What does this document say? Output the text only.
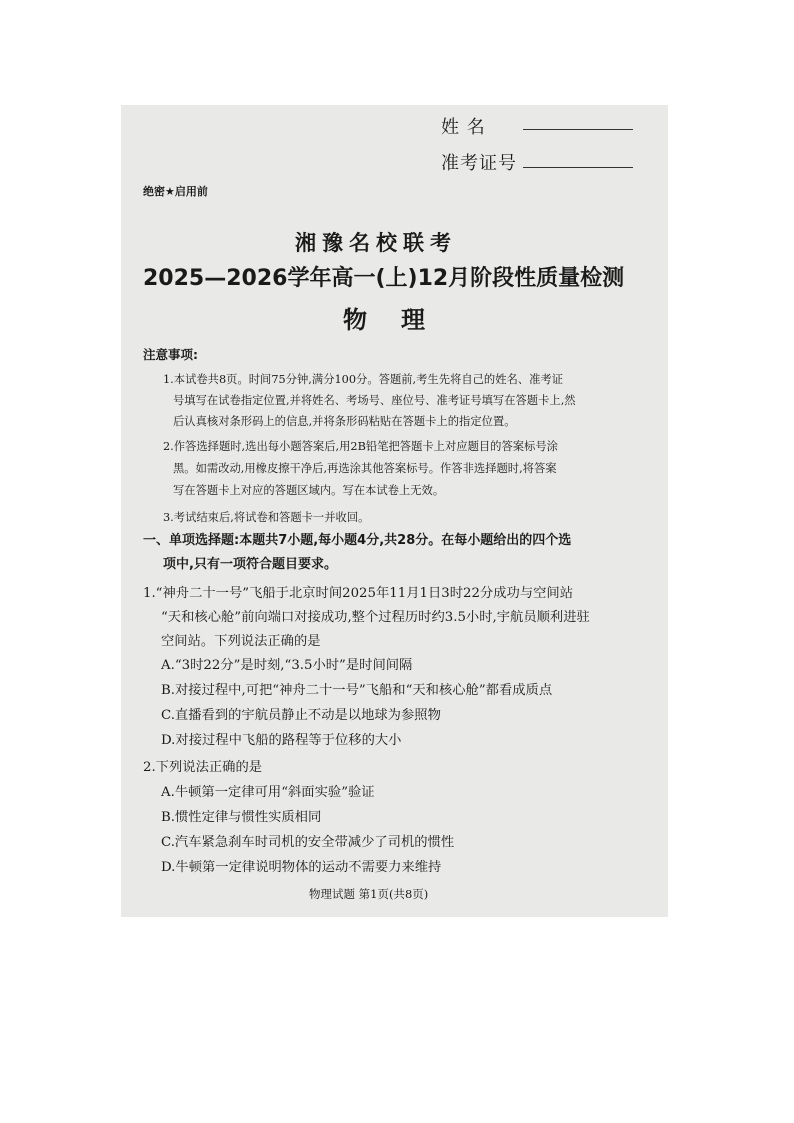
姓 名
准考证号
绝密★启用前
湘豫名校联考
2025—2026学年高一(上)12月阶段性质量检测
物理
注意事项:
1.本试卷共8页。时间75分钟,满分100分。答题前,考生先将自己的姓名、准考证
号填写在试卷指定位置,并将姓名、考场号、座位号、准考证号填写在答题卡上,然
后认真核对条形码上的信息,并将条形码粘贴在答题卡上的指定位置。
2.作答选择题时,选出每小题答案后,用2B铅笔把答题卡上对应题目的答案标号涂
黑。如需改动,用橡皮擦干净后,再选涂其他答案标号。作答非选择题时,将答案
写在答题卡上对应的答题区域内。写在本试卷上无效。
3.考试结束后,将试卷和答题卡一并收回。
一、单项选择题:本题共7小题,每小题4分,共28分。在每小题给出的四个选
项中,只有一项符合题目要求。
1.“神舟二十一号”飞船于北京时间2025年11月1日3时22分成功与空间站
“天和核心舱”前向端口对接成功,整个过程历时约3.5小时,宇航员顺利进驻
空间站。下列说法正确的是
A.“3时22分”是时刻,“3.5小时”是时间间隔
B.对接过程中,可把“神舟二十一号”飞船和“天和核心舱”都看成质点
C.直播看到的宇航员静止不动是以地球为参照物
D.对接过程中飞船的路程等于位移的大小
2.下列说法正确的是
A.牛顿第一定律可用“斜面实验”验证
B.惯性定律与惯性实质相同
C.汽车紧急刹车时司机的安全带减少了司机的惯性
D.牛顿第一定律说明物体的运动不需要力来维持
物理试题 第1页(共8页)
